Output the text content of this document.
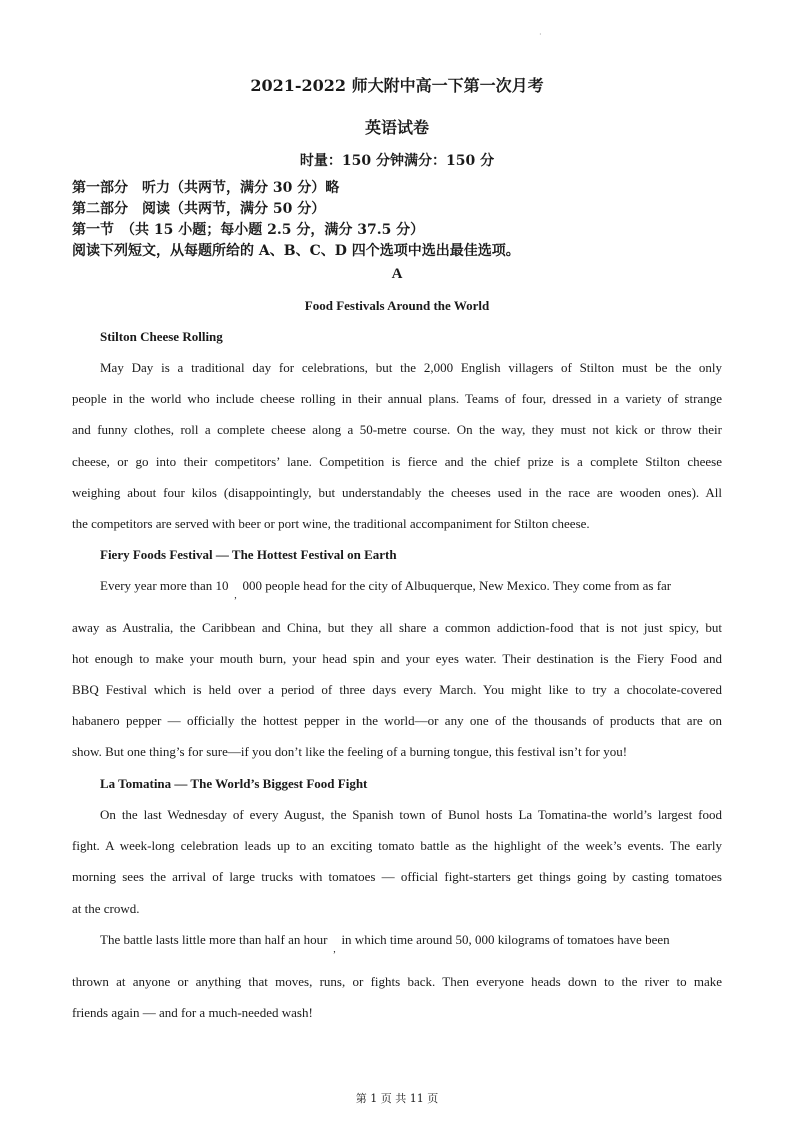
·
2021-2022 师大附中高一下第一次月考
英语试卷
时量：150 分钟满分：150 分
第一部分　听力（共两节，满分 30 分）略
第二部分　阅读（共两节，满分 50 分）
第一节　（共 15 小题；每小题 2.5 分，满分 37.5 分）
阅读下列短文，从每题所给的 A、B、C、D 四个选项中选出最佳选项。
A
Food Festivals Around the World
Stilton Cheese Rolling
May Day is a traditional day for celebrations, but the 2,000 English villagers of Stilton must be the only
people in the world who include cheese rolling in their annual plans. Teams of four, dressed in a variety of strange
and funny clothes, roll a complete cheese along a 50-metre course. On the way, they must not kick or throw their
cheese, or go into their competitors’ lane. Competition is fierce and the chief prize is a complete Stilton cheese
weighing about four kilos (disappointingly, but understandably the cheeses used in the race are wooden ones). All
the competitors are served with beer or port wine, the traditional accompaniment for Stilton cheese.
Fiery Foods Festival — The Hottest Festival on Earth
Every year more than 10,000 people head for the city of Albuquerque, New Mexico. They come from as far
away as Australia, the Caribbean and China, but they all share a common addiction-food that is not just spicy, but
hot enough to make your mouth burn, your head spin and your eyes water. Their destination is the Fiery Food and
BBQ Festival which is held over a period of three days every March. You might like to try a chocolate-covered
habanero pepper — officially the hottest pepper in the world—or any one of the thousands of products that are on
show. But one thing’s for sure—if you don’t like the feeling of a burning tongue, this festival isn’t for you!
La Tomatina — The World’s Biggest Food Fight
On the last Wednesday of every August, the Spanish town of Bunol hosts La Tomatina-the world’s largest food
fight. A week-long celebration leads up to an exciting tomato battle as the highlight of the week’s events. The early
morning sees the arrival of large trucks with tomatoes — official fight-starters get things going by casting tomatoes
at the crowd.
The battle lasts little more than half an hour,in which time around 50, 000 kilograms of tomatoes have been
thrown at anyone or anything that moves, runs, or fights back. Then everyone heads down to the river to make
friends again — and for a much-needed wash!
第 1 页 共 11 页
